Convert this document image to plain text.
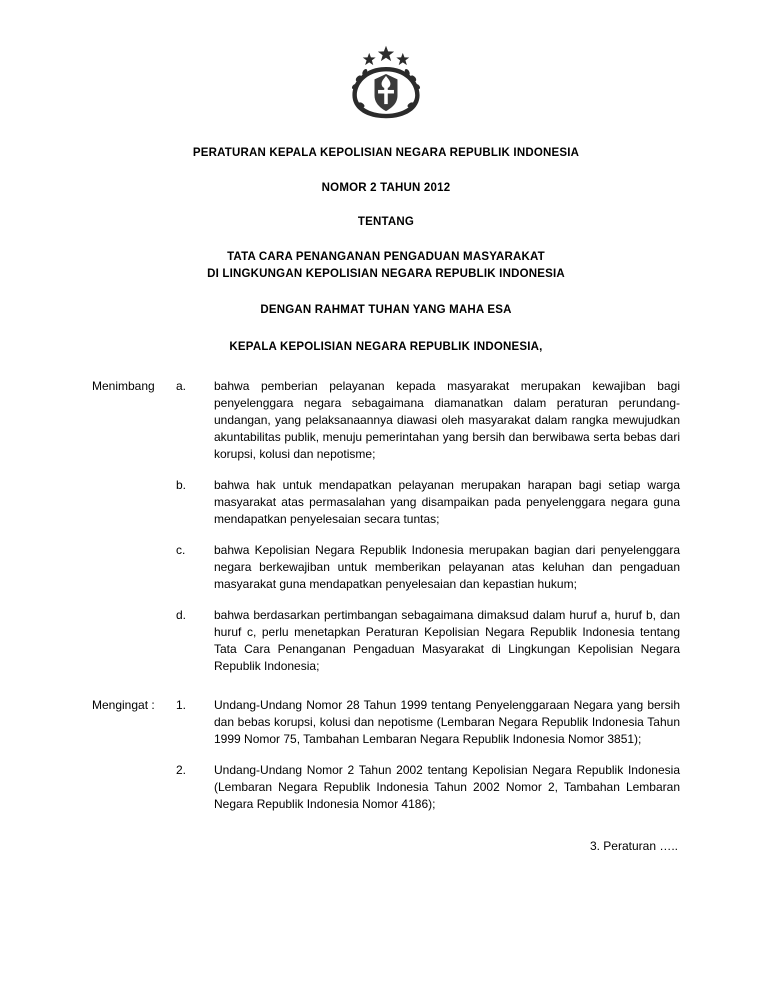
PERATURAN KEPALA KEPOLISIAN NEGARA REPUBLIK INDONESIA
NOMOR 2 TAHUN 2012
TENTANG
TATA CARA PENANGANAN PENGADUAN MASYARAKAT
DI LINGKUNGAN KEPOLISIAN NEGARA REPUBLIK INDONESIA
DENGAN RAHMAT TUHAN YANG MAHA ESA
KEPALA KEPOLISIAN NEGARA REPUBLIK INDONESIA,
Menimbang	a.	bahwa pemberian pelayanan kepada masyarakat merupakan kewajiban bagi penyelenggara negara sebagaimana diamanatkan dalam peraturan perundang-undangan, yang pelaksanaannya diawasi oleh masyarakat dalam rangka mewujudkan akuntabilitas publik, menuju pemerintahan yang bersih dan berwibawa serta bebas dari korupsi, kolusi dan nepotisme;
b.	bahwa hak untuk mendapatkan pelayanan merupakan harapan bagi setiap warga masyarakat atas permasalahan yang disampaikan pada penyelenggara negara guna mendapatkan penyelesaian secara tuntas;
c.	bahwa Kepolisian Negara Republik Indonesia merupakan bagian dari penyelenggara negara berkewajiban untuk memberikan pelayanan atas keluhan dan pengaduan masyarakat guna mendapatkan penyelesaian dan kepastian hukum;
d.	bahwa berdasarkan pertimbangan sebagaimana dimaksud dalam huruf a, huruf b, dan huruf c, perlu menetapkan Peraturan Kepolisian Negara Republik Indonesia tentang Tata Cara Penanganan Pengaduan Masyarakat di Lingkungan Kepolisian Negara Republik Indonesia;
Mengingat :	1.	Undang-Undang Nomor 28 Tahun 1999 tentang Penyelenggaraan Negara yang bersih dan bebas korupsi, kolusi dan nepotisme (Lembaran Negara Republik Indonesia Tahun 1999 Nomor 75, Tambahan Lembaran Negara Republik Indonesia Nomor 3851);
2.	Undang-Undang Nomor 2 Tahun 2002 tentang Kepolisian Negara Republik Indonesia (Lembaran Negara Republik Indonesia Tahun 2002 Nomor 2, Tambahan Lembaran Negara Republik Indonesia Nomor 4186);
3. Peraturan …..
